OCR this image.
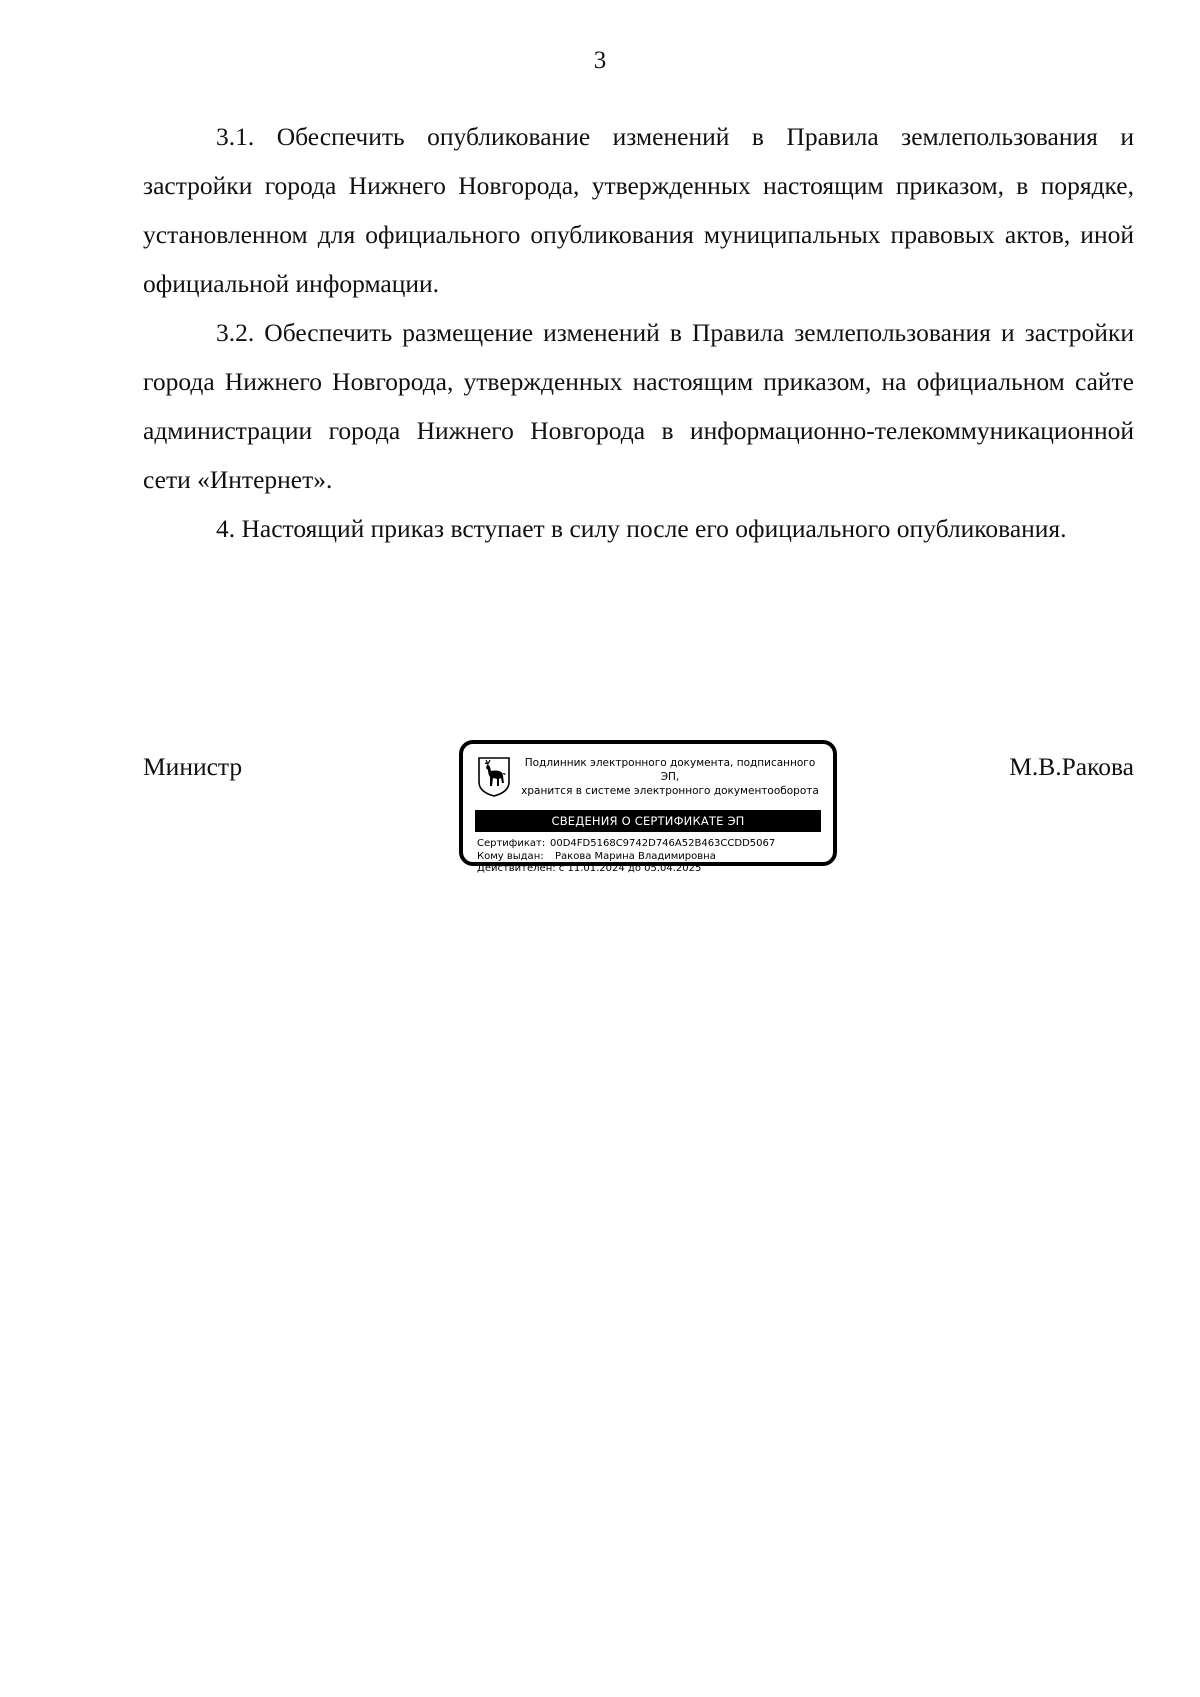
3

3.1. Обеспечить опубликование изменений в Правила землепользования и застройки города Нижнего Новгорода, утвержденных настоящим приказом, в порядке, установленном для официального опубликования муниципальных правовых актов, иной официальной информации.

3.2. Обеспечить размещение изменений в Правила землепользования и застройки города Нижнего Новгорода, утвержденных настоящим приказом, на официальном сайте администрации города Нижнего Новгорода в информационно-телекоммуникационной сети «Интернет».

4. Настоящий приказ вступает в силу после его официального опубликования.

Министр	Подлинник электронного документа, подписанного ЭП,
хранится в системе электронного документооборота
СВЕДЕНИЯ О СЕРТИФИКАТЕ ЭП
Сертификат: 00D4FD5168C9742D746A52B463CCDD5067
Кому выдан: Ракова Марина Владимировна
Действителен: с 11.01.2024 до 05.04.2025
М.В.Ракова
